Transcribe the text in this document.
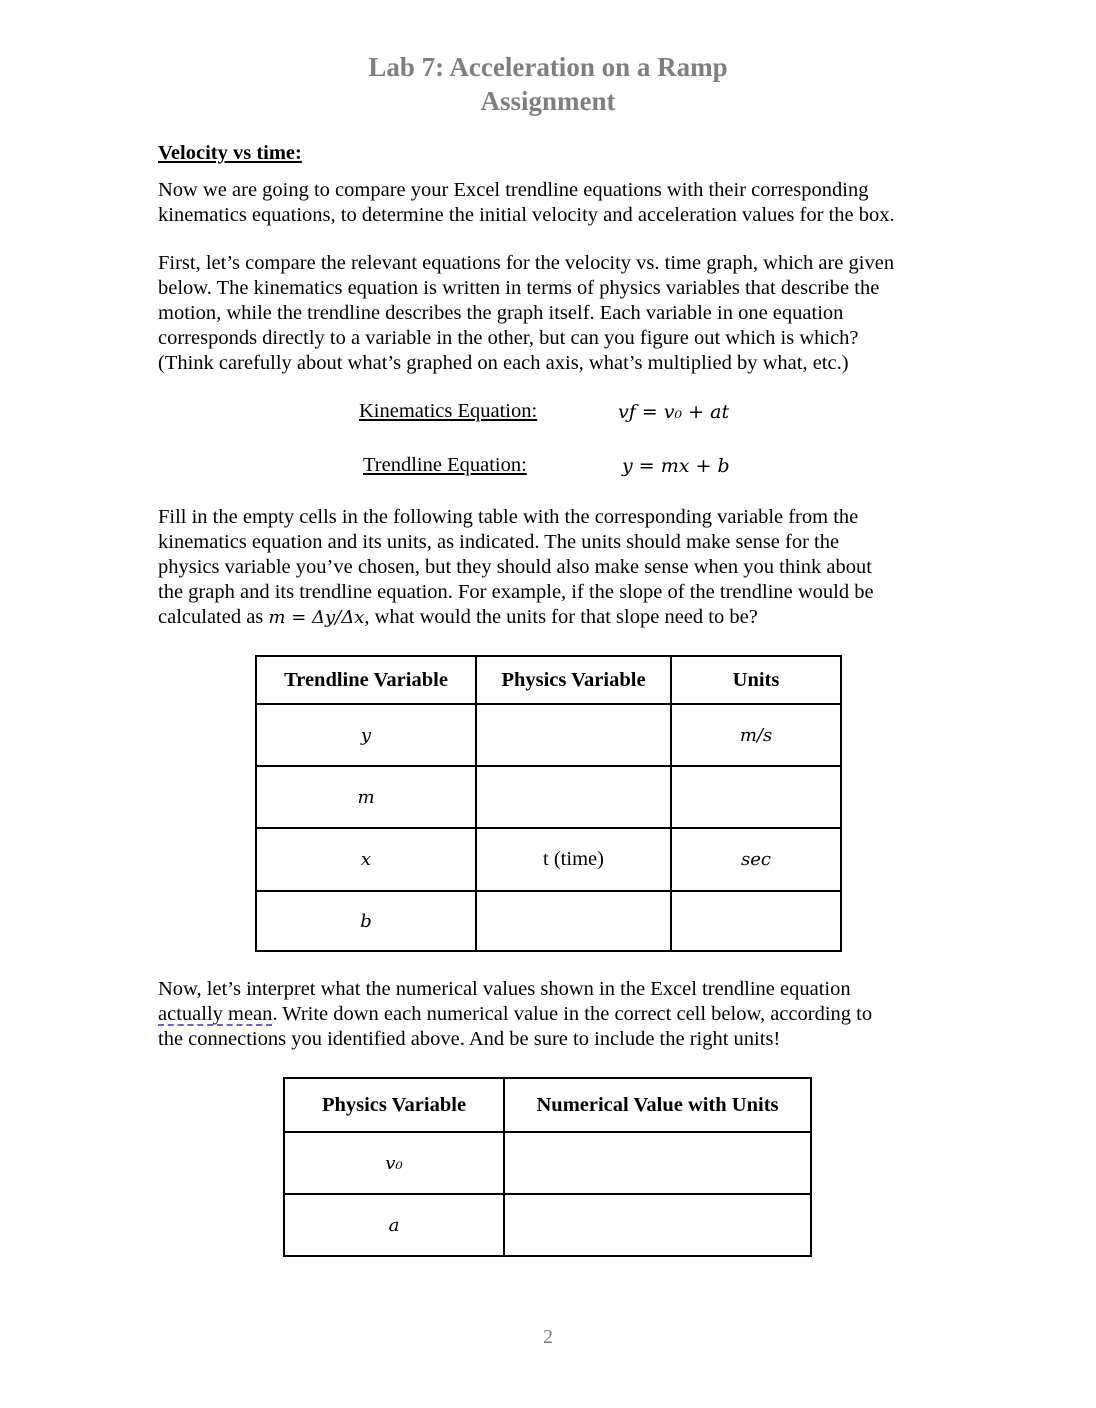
Lab 7: Acceleration on a Ramp
Assignment
Velocity vs time:
Now we are going to compare your Excel trendline equations with their corresponding
kinematics equations, to determine the initial velocity and acceleration values for the box.
First, let’s compare the relevant equations for the velocity vs. time graph, which are given
below. The kinematics equation is written in terms of physics variables that describe the
motion, while the trendline describes the graph itself. Each variable in one equation
corresponds directly to a variable in the other, but can you figure out which is which?
(Think carefully about what’s graphed on each axis, what’s multiplied by what, etc.)
Kinematics Equation:	vƒ = v₀ + at
Trendline Equation:	y = mx + b
Fill in the empty cells in the following table with the corresponding variable from the
kinematics equation and its units, as indicated. The units should make sense for the
physics variable you’ve chosen, but they should also make sense when you think about
the graph and its trendline equation. For example, if the slope of the trendline would be
calculated as m = Δy/Δx, what would the units for that slope need to be?
Trendline Variable	Physics Variable	Units
y		m/s
m		
x	t (time)	sec
b		
Now, let’s interpret what the numerical values shown in the Excel trendline equation
actually mean. Write down each numerical value in the correct cell below, according to
the connections you identified above. And be sure to include the right units!
Physics Variable	Numerical Value with Units
v₀	
a	
2
